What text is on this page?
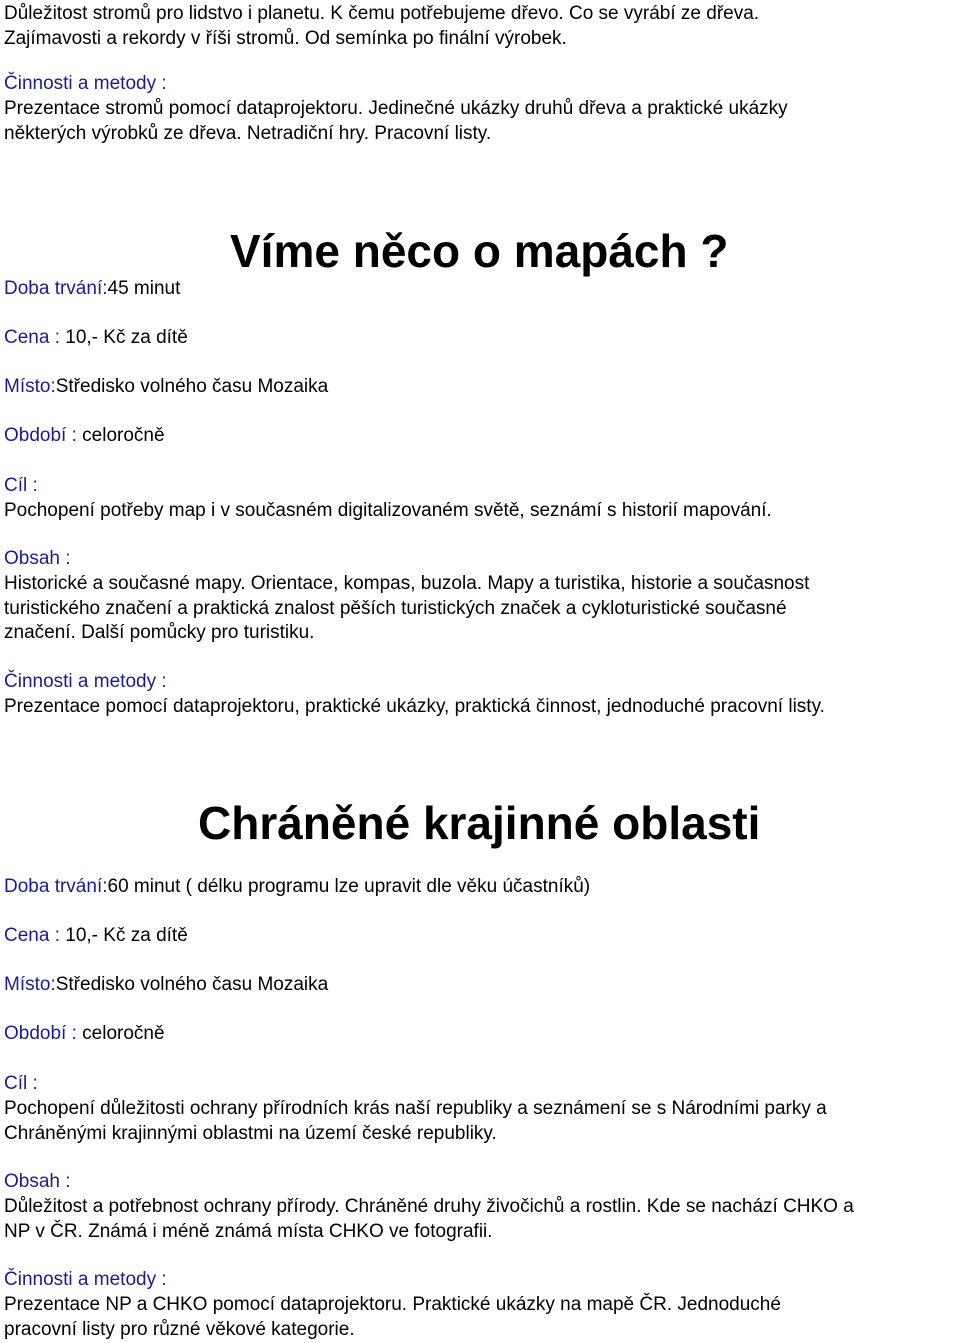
Důležitost stromů pro lidstvo i planetu. K čemu potřebujeme dřevo. Co se vyrábí ze dřeva.
Zajímavosti a rekordy v říši stromů. Od semínka po finální výrobek.
Činnosti a metody :
Prezentace stromů pomocí dataprojektoru. Jedinečné ukázky druhů dřeva a praktické ukázky
některých výrobků ze dřeva. Netradiční hry. Pracovní listy.
Víme něco o mapách ?
Doba trvání:45 minut
Cena : 10,- Kč za dítě
Místo:Středisko volného času Mozaika
Období : celoročně
Cíl :
Pochopení potřeby map i v současném digitalizovaném světě, seznámí s historií mapování.
Obsah :
Historické a současné mapy. Orientace, kompas, buzola. Mapy a turistika, historie a současnost
turistického značení a praktická znalost pěších turistických značek a cykloturistické současné
značení. Další pomůcky pro turistiku.
Činnosti a metody :
Prezentace pomocí dataprojektoru, praktické ukázky, praktická činnost, jednoduché pracovní listy.
Chráněné krajinné oblasti
Doba trvání:60 minut ( délku programu lze upravit dle věku účastníků)
Cena : 10,- Kč za dítě
Místo:Středisko volného času Mozaika
Období : celoročně
Cíl :
Pochopení důležitosti ochrany přírodních krás naší republiky a seznámení se s Národními parky a
Chráněnými krajinnými oblastmi na území české republiky.
Obsah :
Důležitost a potřebnost ochrany přírody. Chráněné druhy živočichů a rostlin. Kde se nachází CHKO a
NP v ČR. Známá i méně známá místa CHKO ve fotografii.
Činnosti a metody :
Prezentace NP a CHKO pomocí dataprojektoru. Praktické ukázky na mapě ČR. Jednoduché
pracovní listy pro různé věkové kategorie.
